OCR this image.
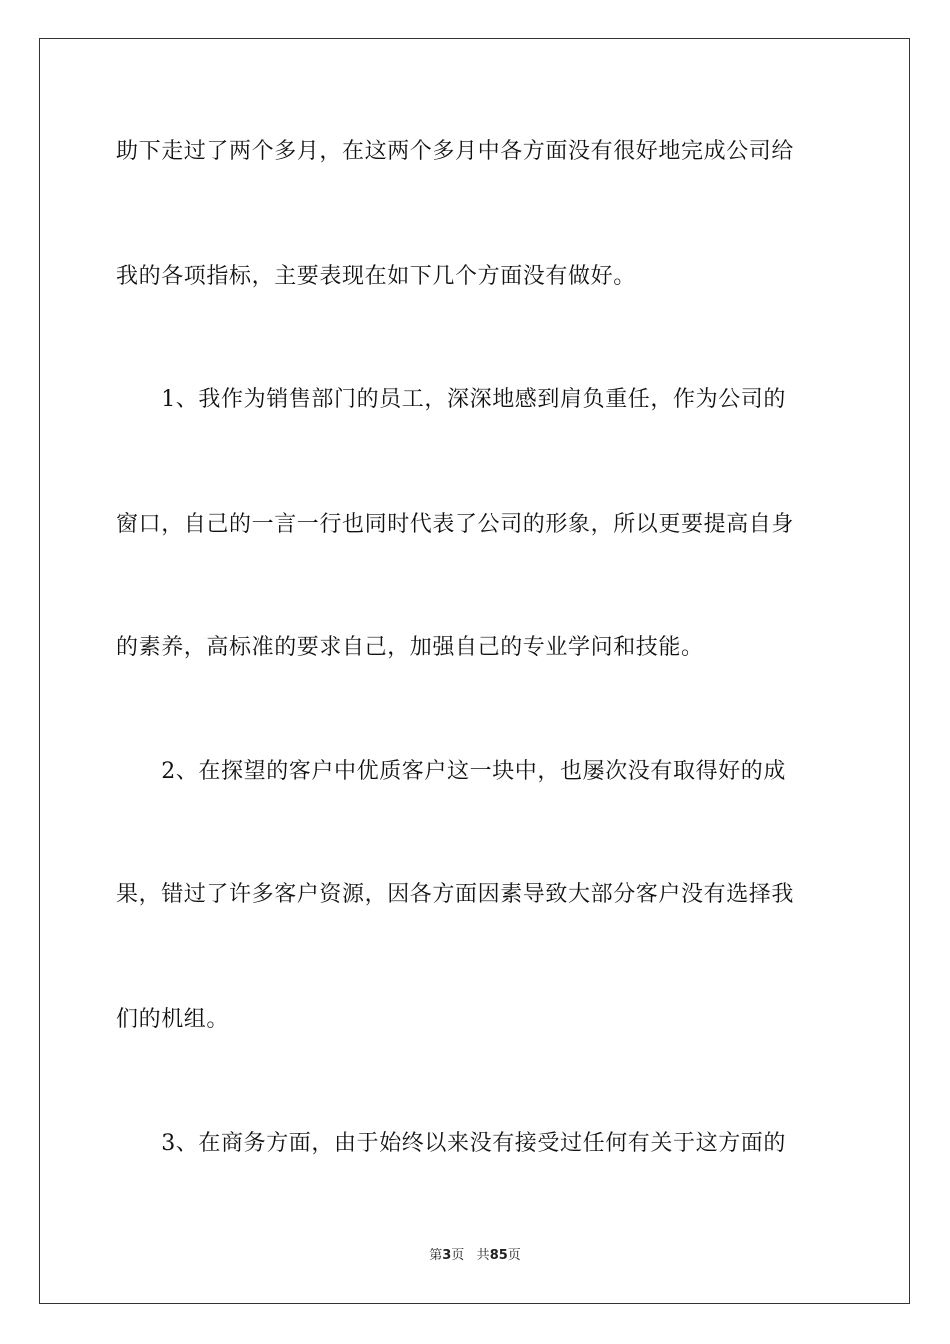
助下走过了两个多月，在这两个多月中各方面没有很好地完成公司给
我的各项指标，主要表现在如下几个方面没有做好。
　　1、我作为销售部门的员工，深深地感到肩负重任，作为公司的
窗口，自己的一言一行也同时代表了公司的形象，所以更要提高自身
的素养，高标准的要求自己，加强自己的专业学问和技能。
　　2、在探望的客户中优质客户这一块中，也屡次没有取得好的成
果，错过了许多客户资源，因各方面因素导致大部分客户没有选择我
们的机组。
　　3、在商务方面，由于始终以来没有接受过任何有关于这方面的
第3页 共85页
